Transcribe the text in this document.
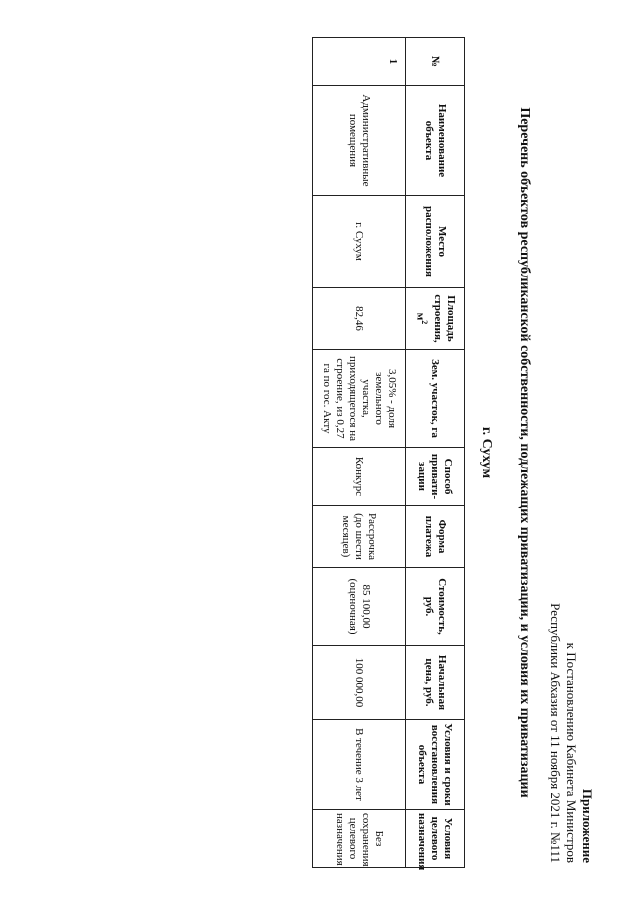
Приложение
к Постановлению Кабинета Министров
Республики Абхазия от 11 ноября 2021 г. №111
Перечень объектов республиканской собственности, подлежащих приватизации, и условия их приватизации
г. Сухум
№	Наименование объекта	Место расположения	Площадь строения, $м^2$	Зем. участок, га	Способ привати-зации	Форма платежа	Стоимость, руб.	Начальная цена, руб.	Условия и сроки восстановления объекта	Условия целевого назначения
1	Административные помещения	г. Сухум	82,46	3,05% - доля земельного участка, приходящегося на строение, из 0,27 га по гос. Акту	Конкурс	Рассрочка (до шести месяцев)	85 100,00 (оценочная)	100 000,00	В течение 3 лет	Без сохранения целевого назначения
